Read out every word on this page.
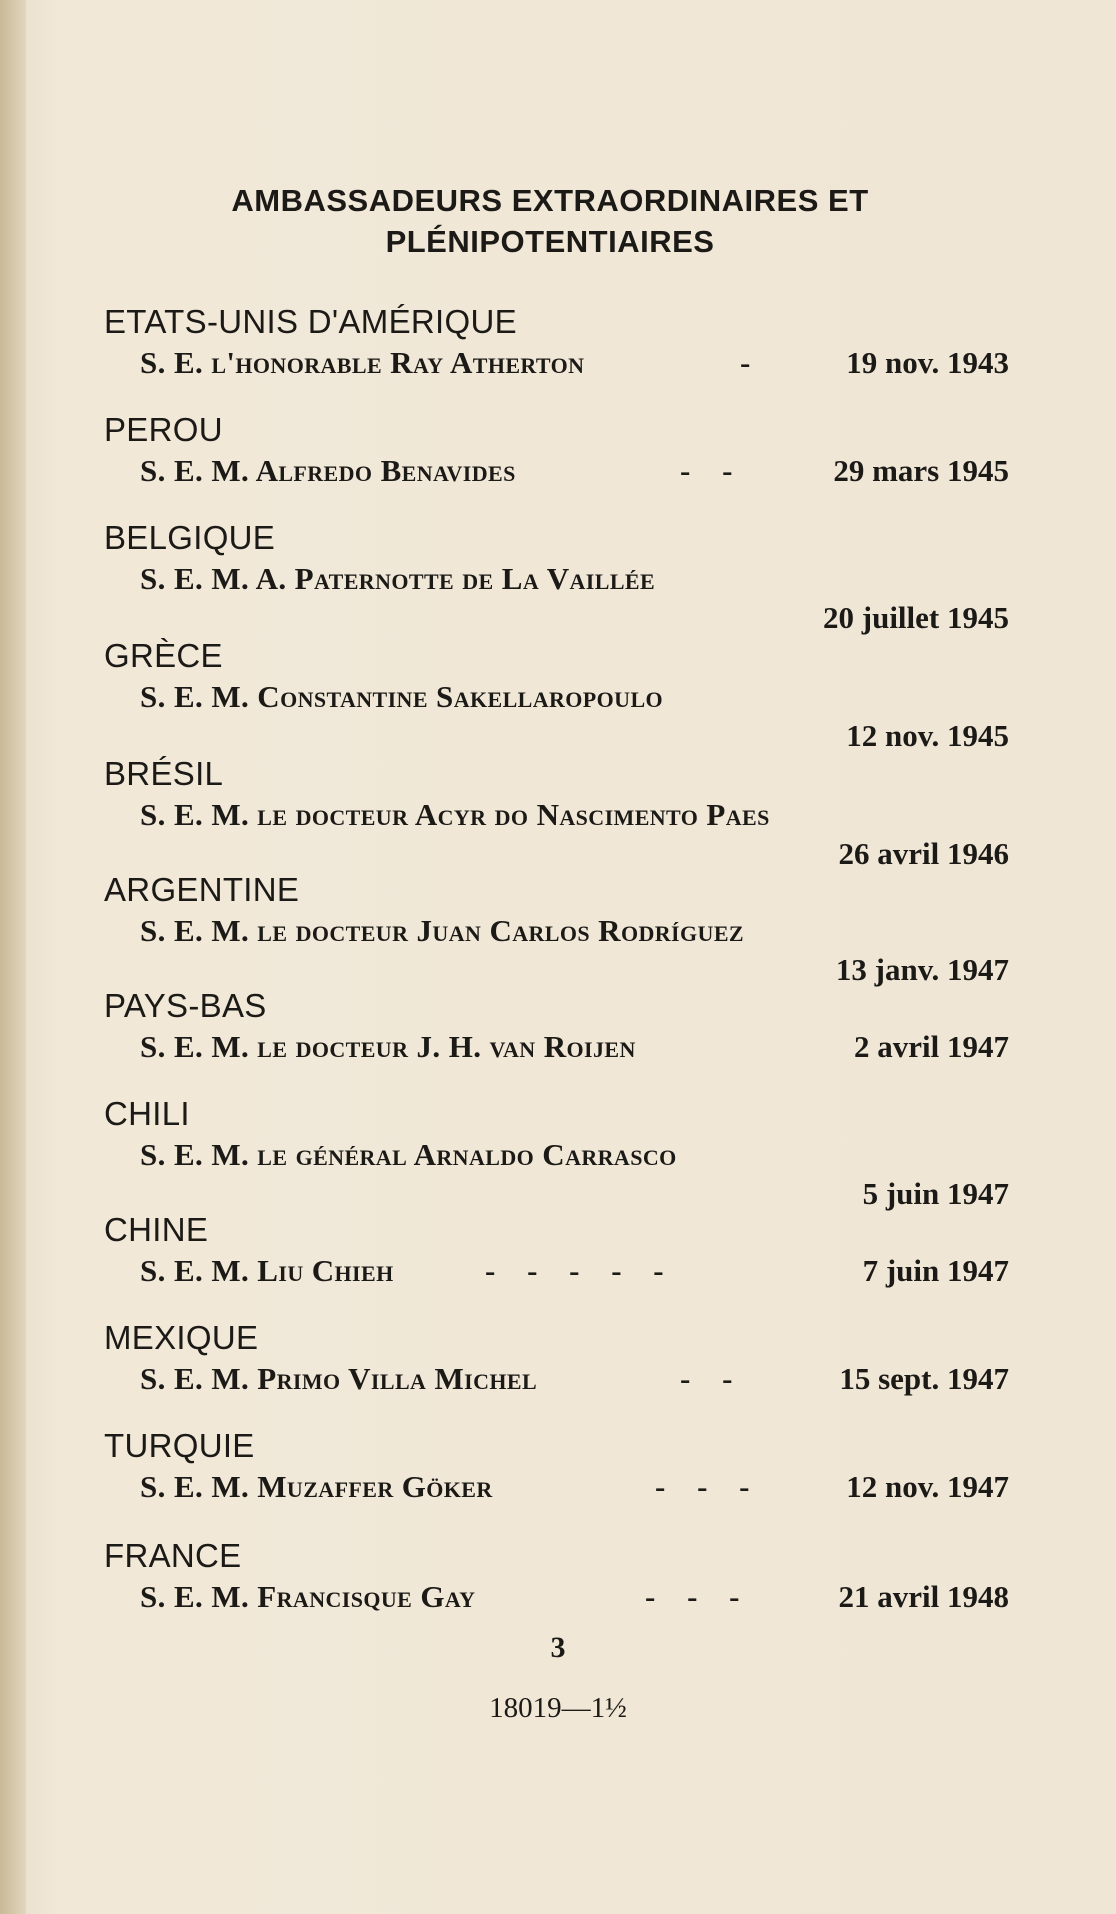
AMBASSADEURS EXTRAORDINAIRES ET
PLÉNIPOTENTIAIRES
ETATS-UNIS D'AMÉRIQUE
S. E. l'honorable Ray Atherton	-	19 nov. 1943
PEROU
S. E. M. Alfredo Benavides	- -	29 mars 1945
BELGIQUE
S. E. M. A. Paternotte de La Vaillée
20 juillet 1945
GRÈCE
S. E. M. Constantine Sakellaropoulo
12 nov. 1945
BRÉSIL
S. E. M. le docteur Acyr do Nascimento Paes
26 avril 1946
ARGENTINE
S. E. M. le docteur Juan Carlos Rodríguez
13 janv. 1947
PAYS-BAS
S. E. M. le docteur J. H. van Roijen	2 avril 1947
CHILI
S. E. M. le général Arnaldo Carrasco
5 juin 1947
CHINE
S. E. M. Liu Chieh	- - - - -	7 juin 1947
MEXIQUE
S. E. M. Primo Villa Michel	- -	15 sept. 1947
TURQUIE
S. E. M. Muzaffer Göker	- - -	12 nov. 1947
FRANCE
S. E. M. Francisque Gay	- - -	21 avril 1948
3
18019—1½
